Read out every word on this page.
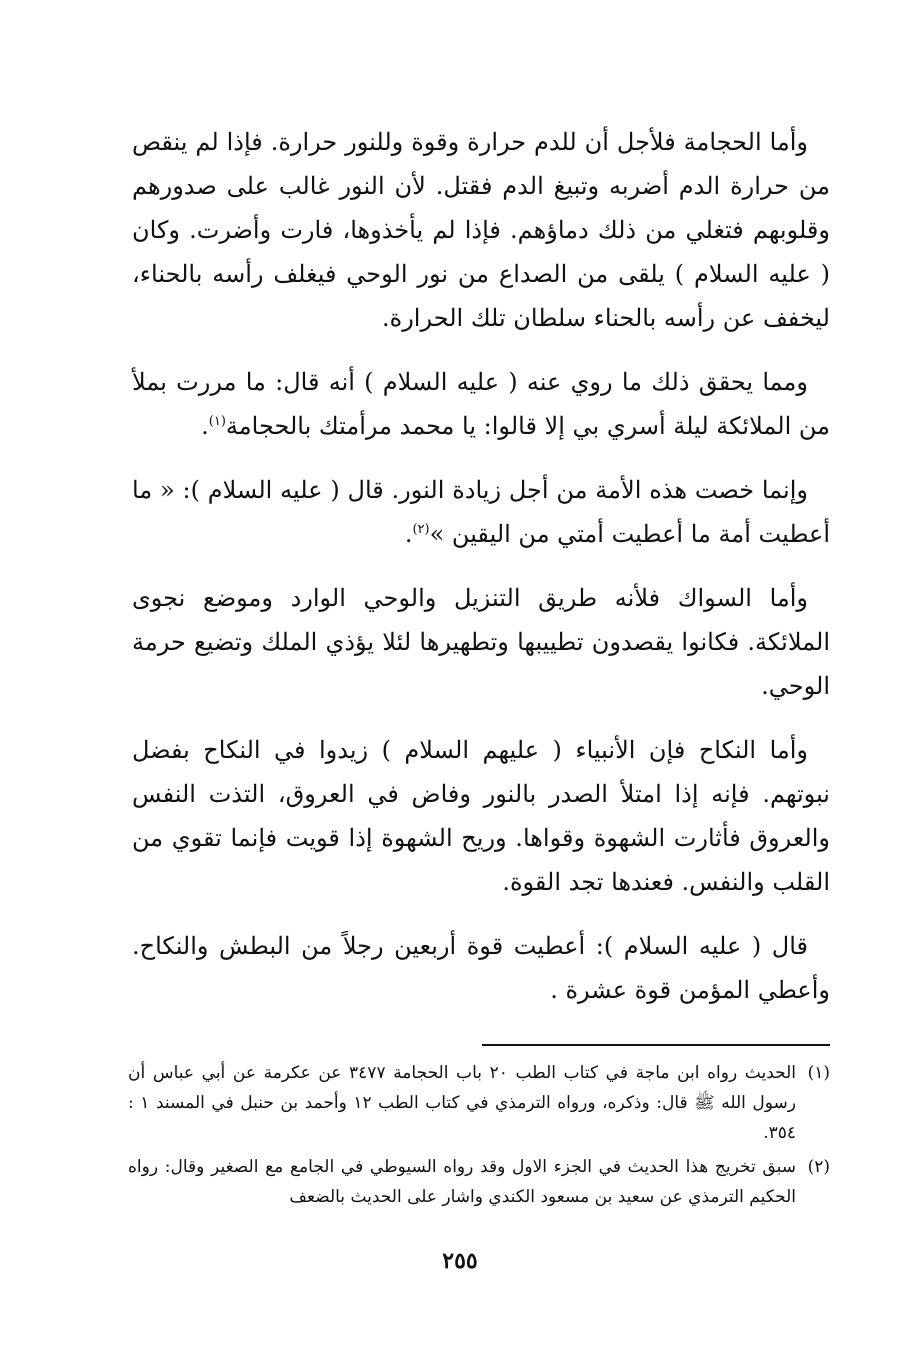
وأما الحجامة فلأجل أن للدم حرارة وقوة وللنور حرارة. فإذا لم ينقص من حرارة الدم أضربه وتبيغ الدم فقتل. لأن النور غالب على صدورهم وقلوبهم فتغلي من ذلك دماؤهم. فإذا لم يأخذوها، فارت وأضرت. وكان ( عليه السلام ) يلقى من الصداع من نور الوحي فيغلف رأسه بالحناء، ليخفف عن رأسه بالحناء سلطان تلك الحرارة.

ومما يحقق ذلك ما روي عنه ( عليه السلام ) أنه قال: ما مررت بملأ من الملائكة ليلة أسري بي إلا قالوا: يا محمد مرأمتك بالحجامة$^{(١)}$.

وإنما خصت هذه الأمة من أجل زيادة النور. قال ( عليه السلام ): « ما أعطيت أمة ما أعطيت أمتي من اليقين »$^{(٢)}$.

وأما السواك فلأنه طريق التنزيل والوحي الوارد وموضع نجوى الملائكة. فكانوا يقصدون تطييبها وتطهيرها لئلا يؤذي الملك وتضيع حرمة الوحي.

وأما النكاح فإن الأنبياء ( عليهم السلام ) زيدوا في النكاح بفضل نبوتهم. فإنه إذا امتلأ الصدر بالنور وفاض في العروق، التذت النفس والعروق فأثارت الشهوة وقواها. وريح الشهوة إذا قويت فإنما تقوي من القلب والنفس. فعندها تجد القوة.

قال ( عليه السلام ): أعطيت قوة أربعين رجلاً من البطش والنكاح. وأعطي المؤمن قوة عشرة .

(١)
الحديث رواه ابن ماجة في كتاب الطب ٢٠ باب الحجامة ٣٤٧٧ عن عكرمة عن أبي عباس أن رسول الله ﷺ قال: وذكره، ورواه الترمذي في كتاب الطب ١٢ وأحمد بن حنبل في المسند ١ : ٣٥٤.
(٢)
سبق تخريج هذا الحديث في الجزء الاول وقد رواه السيوطي في الجامع مع الصغير وقال: رواه الحكيم الترمذي عن سعيد بن مسعود الكندي واشار على الحديث بالضعف
٢٥٥
